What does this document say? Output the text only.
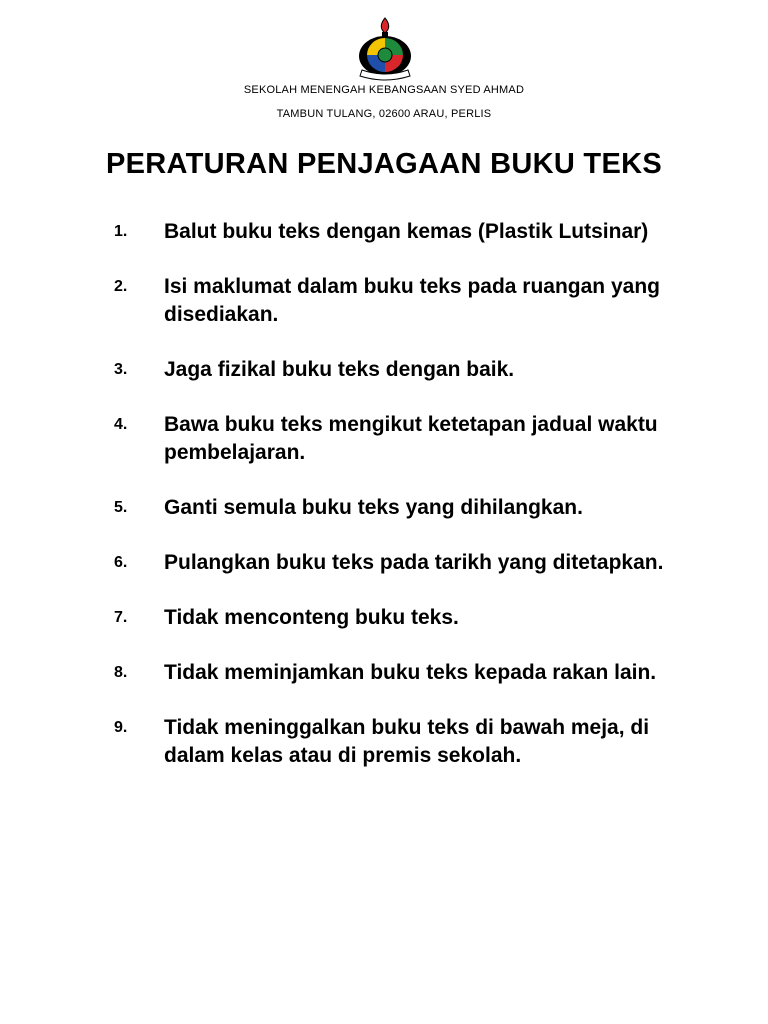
SEKOLAH MENENGAH KEBANGSAAN SYED AHMAD
TAMBUN TULANG, 02600 ARAU, PERLIS
PERATURAN PENJAGAAN BUKU TEKS
1. Balut buku teks dengan kemas (Plastik Lutsinar)
2. Isi maklumat dalam buku teks pada ruangan yang disediakan.
3. Jaga fizikal buku teks dengan baik.
4. Bawa buku teks mengikut ketetapan jadual waktu pembelajaran.
5. Ganti semula buku teks yang dihilangkan.
6. Pulangkan buku teks pada tarikh yang ditetapkan.
7. Tidak menconteng buku teks.
8. Tidak meminjamkan buku teks kepada rakan lain.
9. Tidak meninggalkan buku teks di bawah meja, di dalam kelas atau di premis sekolah.
